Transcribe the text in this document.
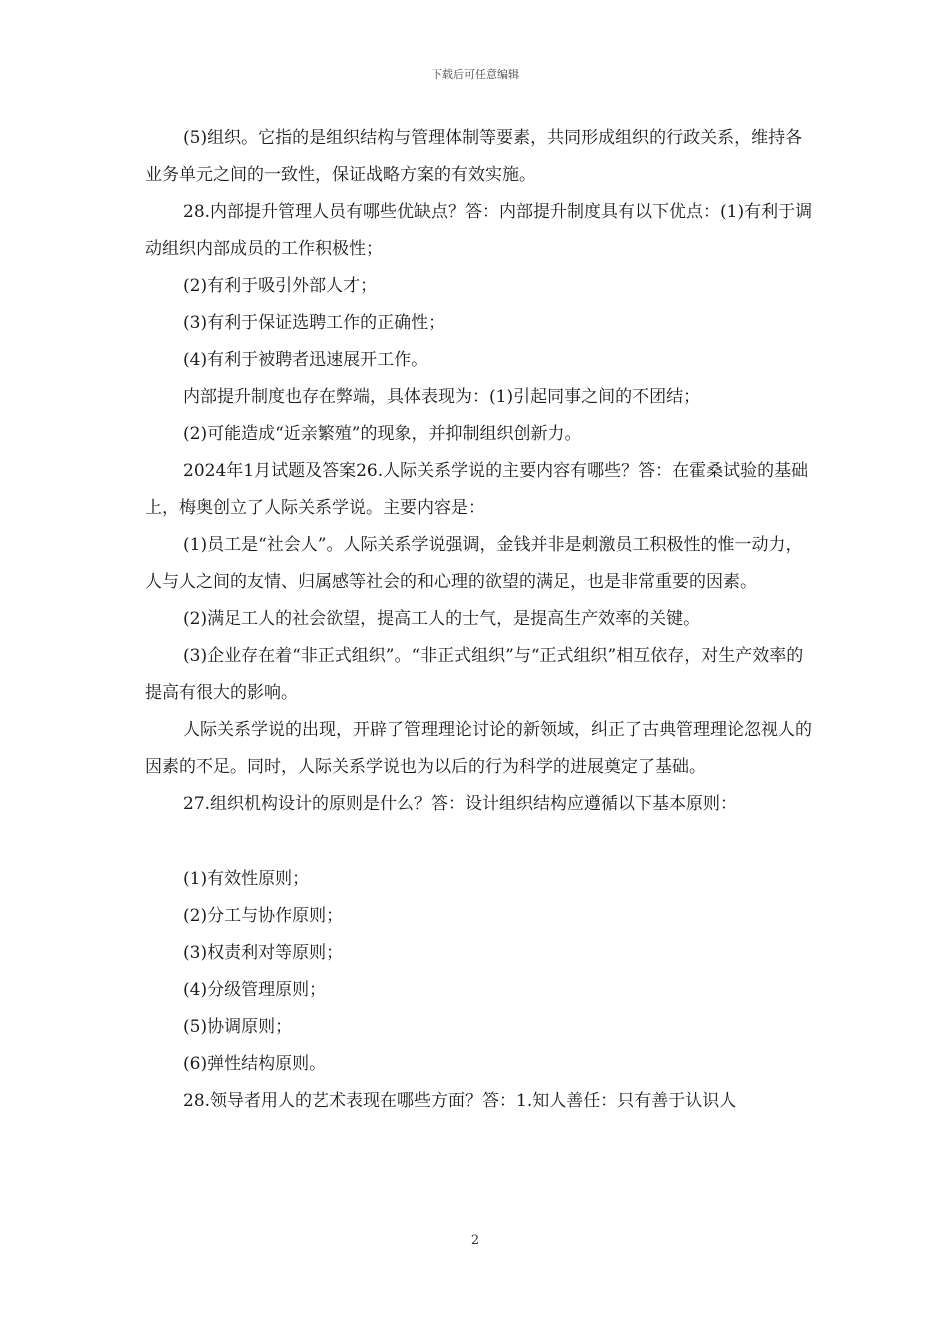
下载后可任意编辑

(5)组织。它指的是组织结构与管理体制等要素，共同形成组织的行政关系，维持各业务单元之间的一致性，保证战略方案的有效实施。

28.内部提升管理人员有哪些优缺点？答：内部提升制度具有以下优点：(1)有利于调动组织内部成员的工作积极性；

(2)有利于吸引外部人才；

(3)有利于保证选聘工作的正确性；

(4)有利于被聘者迅速展开工作。

内部提升制度也存在弊端，具体表现为：(1)引起同事之间的不团结；

(2)可能造成“近亲繁殖”的现象，并抑制组织创新力。

2024年1月试题及答案26.人际关系学说的主要内容有哪些？答：在霍桑试验的基础上，梅奥创立了人际关系学说。主要内容是：

(1)员工是“社会人”。人际关系学说强调，金钱并非是刺激员工积极性的惟一动力，人与人之间的友情、归属感等社会的和心理的欲望的满足，也是非常重要的因素。

(2)满足工人的社会欲望，提高工人的士气，是提高生产效率的关键。

(3)企业存在着“非正式组织”。“非正式组织”与“正式组织”相互依存，对生产效率的提高有很大的影响。

人际关系学说的出现，开辟了管理理论讨论的新领域，纠正了古典管理理论忽视人的因素的不足。同时，人际关系学说也为以后的行为科学的进展奠定了基础。

27.组织机构设计的原则是什么？答：设计组织结构应遵循以下基本原则：

(1)有效性原则；

(2)分工与协作原则；

(3)权责利对等原则；

(4)分级管理原则；

(5)协调原则；

(6)弹性结构原则。

28.领导者用人的艺术表现在哪些方面？答：1.知人善任：只有善于认识人

2
